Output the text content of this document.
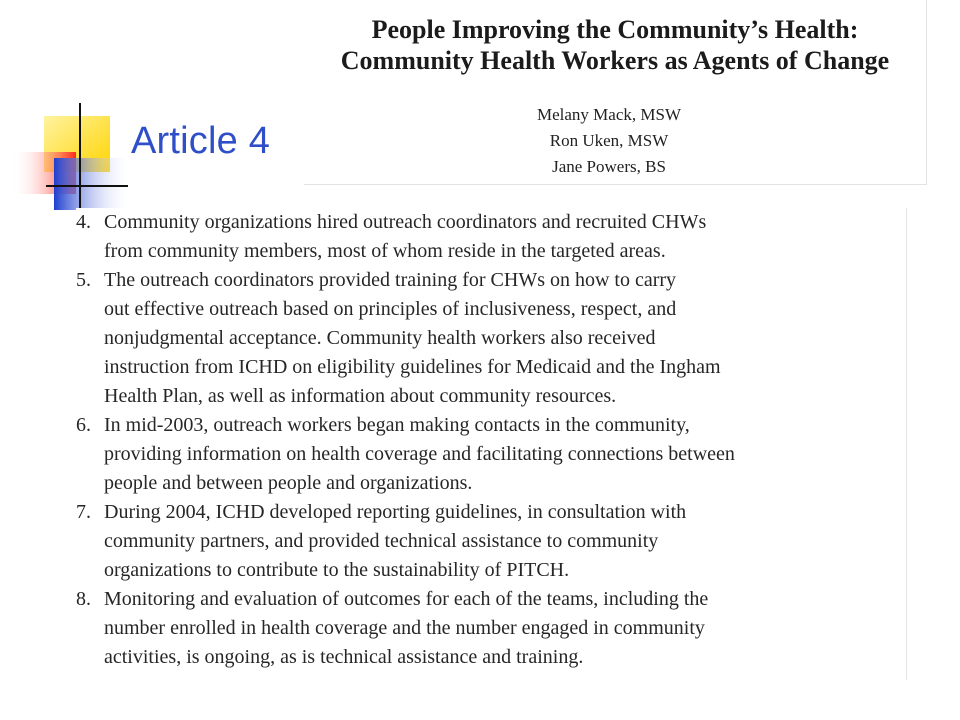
Article 4
People Improving the Community’s Health:
Community Health Workers as Agents of Change
Melany Mack, MSW
Ron Uken, MSW
Jane Powers, BS
4. Community organizations hired outreach coordinators and recruited CHWs
from community members, most of whom reside in the targeted areas.
5. The outreach coordinators provided training for CHWs on how to carry
out effective outreach based on principles of inclusiveness, respect, and
nonjudgmental acceptance. Community health workers also received
instruction from ICHD on eligibility guidelines for Medicaid and the Ingham
Health Plan, as well as information about community resources.
6. In mid-2003, outreach workers began making contacts in the community,
providing information on health coverage and facilitating connections between
people and between people and organizations.
7. During 2004, ICHD developed reporting guidelines, in consultation with
community partners, and provided technical assistance to community
organizations to contribute to the sustainability of PITCH.
8. Monitoring and evaluation of outcomes for each of the teams, including the
number enrolled in health coverage and the number engaged in community
activities, is ongoing, as is technical assistance and training.
